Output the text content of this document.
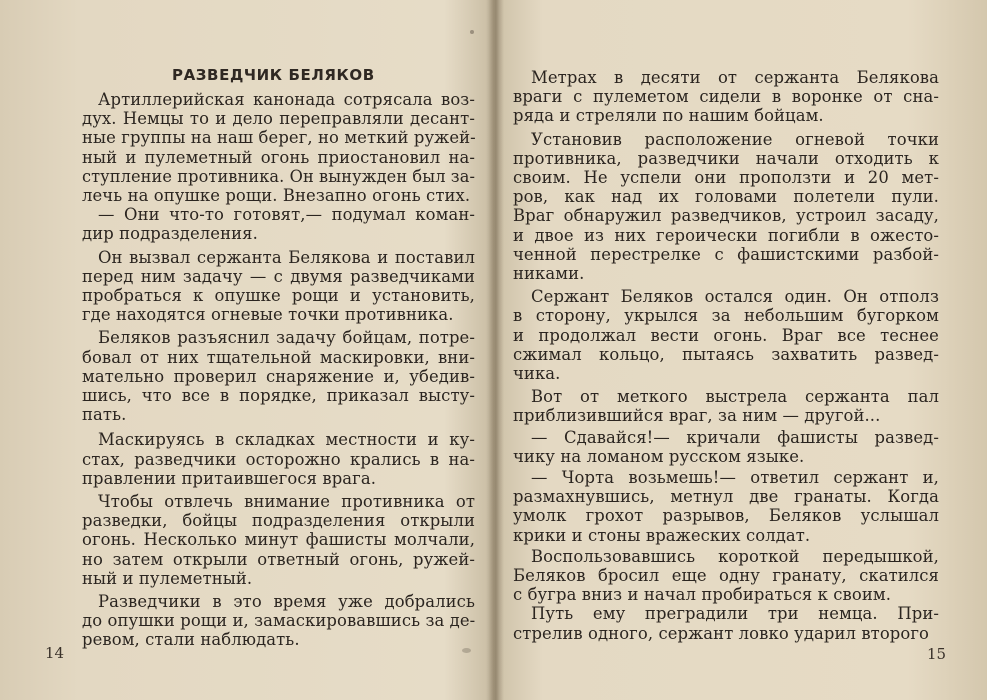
РАЗВЕДЧИК БЕЛЯКОВ
14
Артиллерийская канонада сотрясала воз-
дух. Немцы то и дело переправляли десант-
ные группы на наш берег, но меткий ружей-
ный и пулеметный огонь приостановил на-
ступление противника. Он вынужден был за-
лечь на опушке рощи. Внезапно огонь стих.
— Они что-то готовят,— подумал коман-
дир подразделения.
Он вызвал сержанта Белякова и поставил
перед ним задачу — с двумя разведчиками
пробраться к опушке рощи и установить,
где находятся огневые точки противника.
Беляков разъяснил задачу бойцам, потре-
бовал от них тщательной маскировки, вни-
мательно проверил снаряжение и, убедив-
шись, что все в порядке, приказал высту-
пать.
Маскируясь в складках местности и ку-
стах, разведчики осторожно крались в на-
правлении притаившегося врага.
Чтобы отвлечь внимание противника от
разведки, бойцы подразделения открыли
огонь. Несколько минут фашисты молчали,
но затем открыли ответный огонь, ружей-
ный и пулеметный.
Разведчики в это время уже добрались
до опушки рощи и, замаскировавшись за де-
ревом, стали наблюдать.
15
Метрах в десяти от сержанта Белякова
враги с пулеметом сидели в воронке от сна-
ряда и стреляли по нашим бойцам.
Установив расположение огневой точки
противника, разведчики начали отходить к
своим. Не успели они проползти и 20 мет-
ров, как над их головами полетели пули.
Враг обнаружил разведчиков, устроил засаду,
и двое из них героически погибли в ожесто-
ченной перестрелке с фашистскими разбой-
никами.
Сержант Беляков остался один. Он отполз
в сторону, укрылся за небольшим бугорком
и продолжал вести огонь. Враг все теснее
сжимал кольцо, пытаясь захватить развед-
чика.
Вот от меткого выстрела сержанта пал
приблизившийся враг, за ним — другой...
— Сдавайся!— кричали фашисты развед-
чику на ломаном русском языке.
— Чорта возьмешь!— ответил сержант и,
размахнувшись, метнул две гранаты. Когда
умолк грохот разрывов, Беляков услышал
крики и стоны вражеских солдат.
Воспользовавшись короткой передышкой,
Беляков бросил еще одну гранату, скатился
с бугра вниз и начал пробираться к своим.
Путь ему преградили три немца. При-
стрелив одного, сержант ловко ударил второго
